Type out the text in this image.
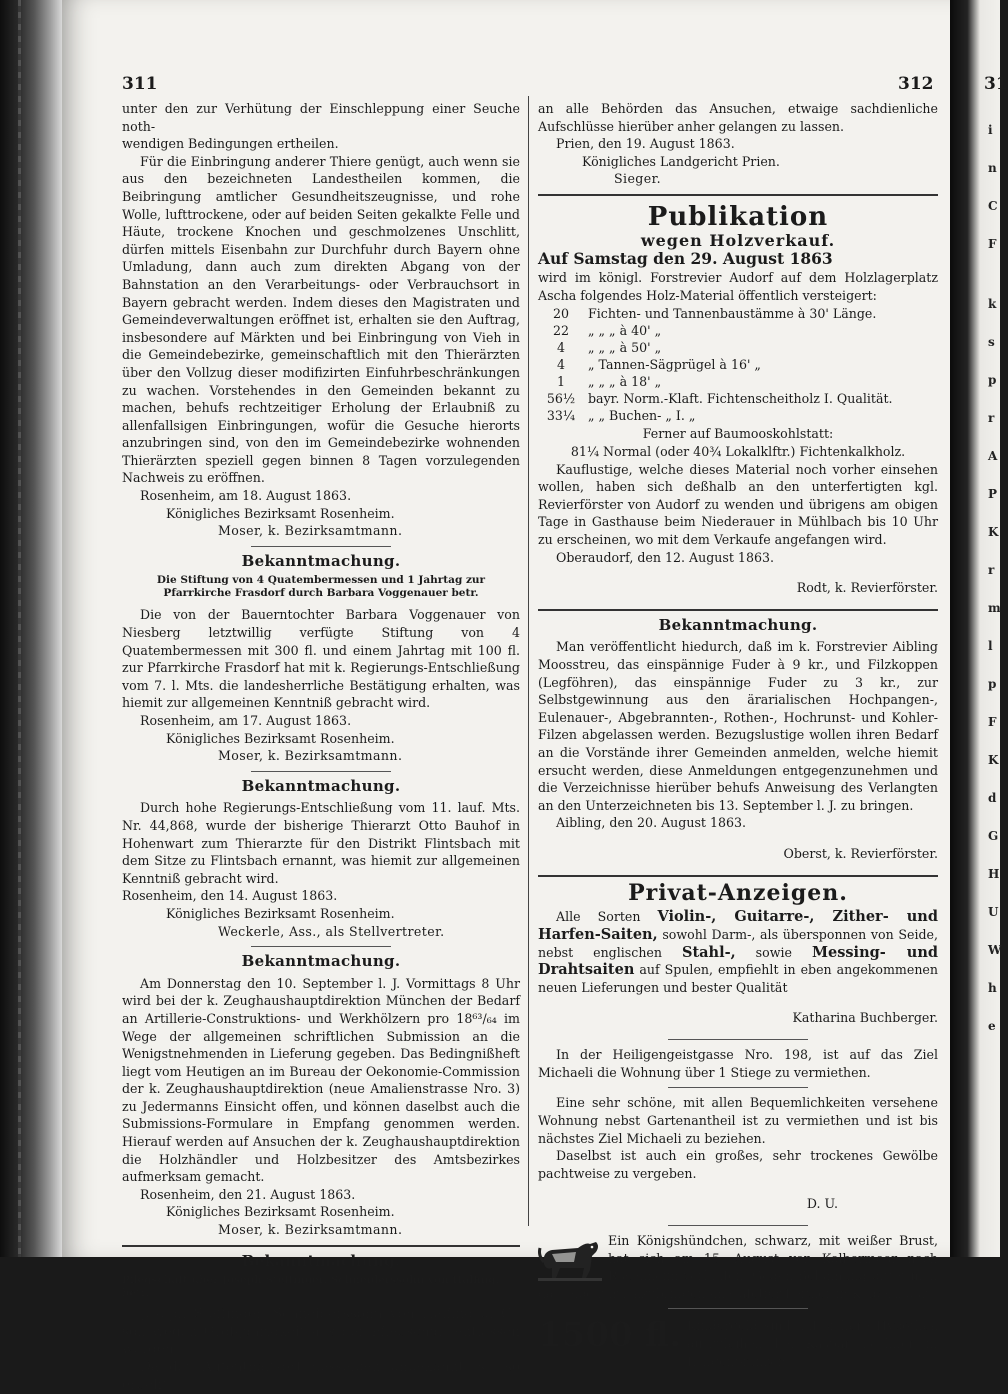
311	312

unter den zur Verhütung der Einschleppung einer Seuche noth-

wendigen Bedingungen ertheilen.

Für die Einbringung anderer Thiere genügt, auch wenn sie aus den bezeichneten Landestheilen kommen, die Beibringung amtlicher Gesundheitszeugnisse, und rohe Wolle, lufttrockene, oder auf beiden Seiten gekalkte Felle und Häute, trockene Knochen und geschmolzenes Unschlitt, dürfen mittels Eisenbahn zur Durchfuhr durch Bayern ohne Umladung, dann auch zum direkten Abgang von der Bahnstation an den Verarbeitungs- oder Verbrauchsort in Bayern gebracht werden. Indem dieses den Magistraten und Gemeindeverwaltungen eröffnet ist, erhalten sie den Auftrag, insbesondere auf Märkten und bei Einbringung von Vieh in die Gemeindebezirke, gemeinschaftlich mit den Thierärzten über den Vollzug dieser modifizirten Einfuhrbeschränkungen zu wachen. Vorstehendes in den Gemeinden bekannt zu machen, behufs rechtzeitiger Erholung der Erlaubniß zu allenfallsigen Einbringungen, wofür die Gesuche hierorts anzubringen sind, von den im Gemeindebezirke wohnenden Thierärzten speziell gegen binnen 8 Tagen vorzulegenden Nachweis zu eröffnen.

Rosenheim, am 18. August 1863.

Königliches Bezirksamt Rosenheim.

Moser, k. Bezirksamtmann.

Bekanntmachung.
Die Stiftung von 4 Quatembermessen und 1 Jahrtag zur Pfarrkirche Frasdorf durch Barbara Voggenauer betr.

Die von der Bauerntochter Barbara Voggenauer von Niesberg letztwillig verfügte Stiftung von 4 Quatembermessen mit 300 fl. und einem Jahrtag mit 100 fl. zur Pfarrkirche Frasdorf hat mit k. Regierungs-Entschließung vom 7. l. Mts. die landesherrliche Bestätigung erhalten, was hiemit zur allgemeinen Kenntniß gebracht wird.

Rosenheim, am 17. August 1863.

Königliches Bezirksamt Rosenheim.

Moser, k. Bezirksamtmann.

Bekanntmachung.

Durch hohe Regierungs-Entschließung vom 11. lauf. Mts. Nr. 44,868, wurde der bisherige Thierarzt Otto Bauhof in Hohenwart zum Thierarzte für den Distrikt Flintsbach mit dem Sitze zu Flintsbach ernannt, was hiemit zur allgemeinen Kenntniß gebracht wird.

Rosenheim, den 14. August 1863.

Königliches Bezirksamt Rosenheim.

Weckerle, Ass., als Stellvertreter.

Bekanntmachung.

Am Donnerstag den 10. September l. J. Vormittags 8 Uhr wird bei der k. Zeughaushauptdirektion München der Bedarf an Artillerie-Construktions- und Werkhölzern pro 18⁶³/₆₄ im Wege der allgemeinen schriftlichen Submission an die Wenigstnehmenden in Lieferung gegeben. Das Bedingnißheft liegt vom Heutigen an im Bureau der Oekonomie-Commission der k. Zeughaushauptdirektion (neue Amalienstrasse Nro. 3) zu Jedermanns Einsicht offen, und können daselbst auch die Submissions-Formulare in Empfang genommen werden. Hierauf werden auf Ansuchen der k. Zeughaushauptdirektion die Holzhändler und Holzbesitzer des Amtsbezirkes aufmerksam gemacht.

Rosenheim, den 21. August 1863.

Königliches Bezirksamt Rosenheim.

Moser, k. Bezirksamtmann.

Bekanntmachung.
Pflegschaft über Joseph Steffinger, Schneiderssohn von Halfing, betr.

Joseph Steffinger, Schneiderssohn von Halfing d. G., soll wegen Großjährigkeit aus der Pflegschaft entlassen werden.

Da der Aufenthaltsort desselben unbekannt ist, so ergeht

an alle Behörden das Ansuchen, etwaige sachdienliche Aufschlüsse hierüber anher gelangen zu lassen.

Prien, den 19. August 1863.

Königliches Landgericht Prien.

Sieger.

Publikation
wegen Holzverkauf.

Auf Samstag den 29. August 1863

wird im königl. Forstrevier Audorf auf dem Holzlagerplatz Ascha folgendes Holz-Material öffentlich versteigert:

20	Fichten- und Tannenbaustämme à 30' Länge.
22	„ „ „ à 40' „
4	„ „ „ à 50' „
4	„ Tannen-Sägprügel à 16' „
1	„ „ „ à 18' „
56½	bayr. Norm.-Klaft. Fichtenscheitholz I. Qualität.
33¼	„ „ Buchen- „ I. „

Ferner auf Baumooskohlstatt:

81¼ Normal (oder 40¾ Lokalklftr.) Fichtenkalkholz.

Kauflustige, welche dieses Material noch vorher einsehen wollen, haben sich deßhalb an den unterfertigten kgl. Revierförster von Audorf zu wenden und übrigens am obigen Tage in Gasthause beim Niederauer in Mühlbach bis 10 Uhr zu erscheinen, wo mit dem Verkaufe angefangen wird.

Oberaudorf, den 12. August 1863.

Rodt, k. Revierförster.

Bekanntmachung.

Man veröffentlicht hiedurch, daß im k. Forstrevier Aibling Moosstreu, das einspännige Fuder à 9 kr., und Filzkoppen (Legföhren), das einspännige Fuder zu 3 kr., zur Selbstgewinnung aus den ärarialischen Hochpangen-, Eulenauer-, Abgebrannten-, Rothen-, Hochrunst- und Kohler-Filzen abgelassen werden. Bezugslustige wollen ihren Bedarf an die Vorstände ihrer Gemeinden anmelden, welche hiemit ersucht werden, diese Anmeldungen entgegenzunehmen und die Verzeichnisse hierüber behufs Anweisung des Verlangten an den Unterzeichneten bis 13. September l. J. zu bringen.

Aibling, den 20. August 1863.

Oberst, k. Revierförster.

Privat-Anzeigen.

Alle Sorten Violin-, Guitarre-, Zither- und Harfen-Saiten, sowohl Darm-, als übersponnen von Seide, nebst englischen Stahl-, sowie Messing- und Drahtsaiten auf Spulen, empfiehlt in eben angekommenen neuen Lieferungen und bester Qualität

Katharina Buchberger.

In der Heiligengeistgasse Nro. 198, ist auf das Ziel Michaeli die Wohnung über 1 Stiege zu vermiethen.

Eine sehr schöne, mit allen Bequemlichkeiten versehene Wohnung nebst Gartenantheil ist zu vermiethen und ist bis nächstes Ziel Michaeli zu beziehen.

Daselbst ist auch ein großes, sehr trockenes Gewölbe pachtweise zu vergeben.

D. U.

Ein Königshündchen, schwarz, mit weißer Brust, hat sich am 15. August von Kolbermoor nach Rosenheim verlaufen. Gegen Belohnung bittet man dasselbe zurückzubringen an Cafetier Leitner in Kolbermoor.

1500 fl. Kindergeld sind auf sichere Hypothek auszuleihen bei Kaspar Lechner in Langenpfunzen.
31
i
n
C
F
k
s
p
r
A
P
K
r
m
l
p
F
K
d
G
H
U
W
h
e
